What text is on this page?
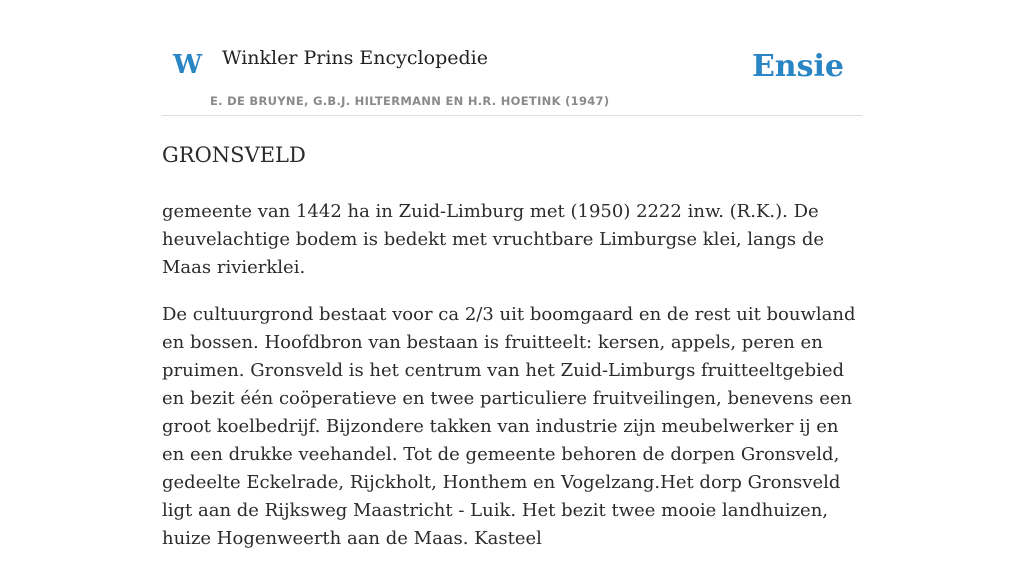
W Winkler Prins Encyclopedie
E. DE BRUYNE, G.B.J. HILTERMANN EN H.R. HOETINK (1947)
Ensie
GRONSVELD

gemeente van 1442 ha in Zuid-Limburg met (1950) 2222 inw. (R.K.). De heuvelachtige bodem is bedekt met vruchtbare Limburgse klei, langs de Maas rivierklei.

De cultuurgrond bestaat voor ca 2/3 uit boomgaard en de rest uit bouwland en bossen. Hoofdbron van bestaan is fruitteelt: kersen, appels, peren en pruimen. Gronsveld is het centrum van het Zuid-Limburgs fruitteeltgebied en bezit één coöperatieve en twee particuliere fruitveilingen, benevens een groot koelbedrijf. Bijzondere takken van industrie zijn meubelwerker ij en en een drukke veehandel. Tot de gemeente behoren de dorpen Gronsveld, gedeelte Eckelrade, Rijckholt, Honthem en Vogelzang.Het dorp Gronsveld ligt aan de Rijksweg Maastricht - Luik. Het bezit twee mooie landhuizen, huize Hogenweerth aan de Maas. Kasteel
